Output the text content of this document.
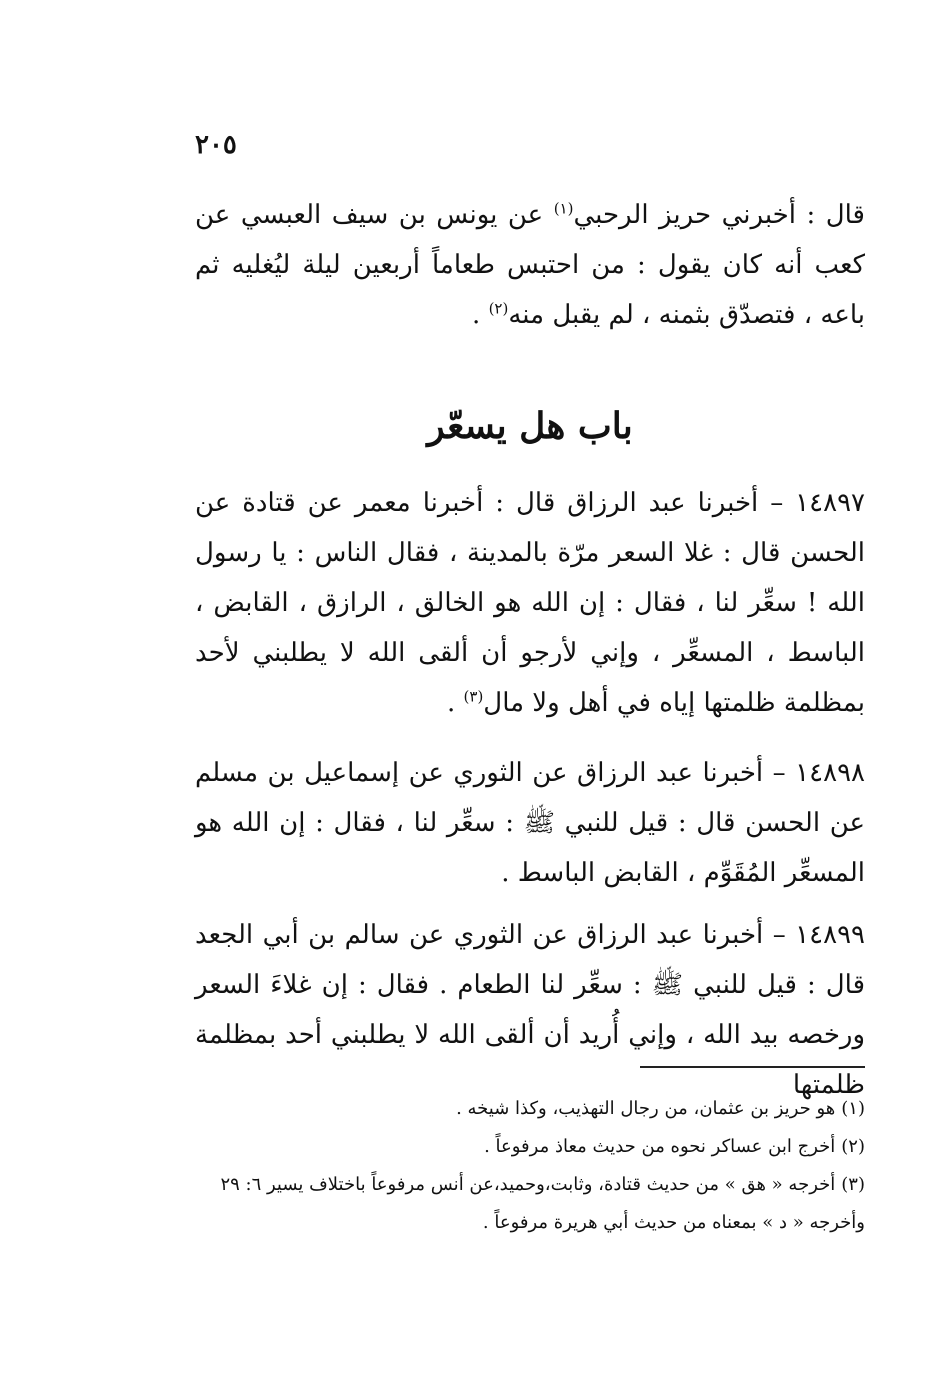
٢٠٥

قال : أخبرني حريز الرحبي$^{(١)}$ عن يونس بن سيف العبسي عن كعب أنه كان يقول : من احتبس طعاماً أربعين ليلة ليُغليه ثم باعه ، فتصدّق بثمنه ، لم يقبل منه$^{(٢)}$ .

باب هل يسعّر

١٤٨٩٧ – أخبرنا عبد الرزاق قال : أخبرنا معمر عن قتادة عن الحسن قال : غلا السعر مرّة بالمدينة ، فقال الناس : يا رسول الله ! سعِّر لنا ، فقال : إن الله هو الخالق ، الرازق ، القابض ، الباسط ، المسعِّر ، وإني لأرجو أن ألقى الله لا يطلبني لأحد بمظلمة ظلمتها إياه في أهل ولا مال$^{(٣)}$ .

١٤٨٩٨ – أخبرنا عبد الرزاق عن الثوري عن إسماعيل بن مسلم عن الحسن قال : قيل للنبي ﷺ : سعِّر لنا ، فقال : إن الله هو المسعِّر المُقَوِّم ، القابض الباسط .

١٤٨٩٩ – أخبرنا عبد الرزاق عن الثوري عن سالم بن أبي الجعد قال : قيل للنبي ﷺ : سعِّر لنا الطعام . فقال : إن غلاءَ السعر ورخصه بيد الله ، وإني أُريد أن ألقى الله لا يطلبني أحد بمظلمة ظلمتها

(١)هو حريز بن عثمان، من رجال التهذيب، وكذا شيخه .

(٢)أخرج ابن عساكر نحوه من حديث معاذ مرفوعاً .

(٣)أخرجه « هق » من حديث قتادة، وثابت،وحميد،عن أنس مرفوعاً باختلاف يسير ٦: ٢٩ وأخرجه « د » بمعناه من حديث أبي هريرة مرفوعاً .
